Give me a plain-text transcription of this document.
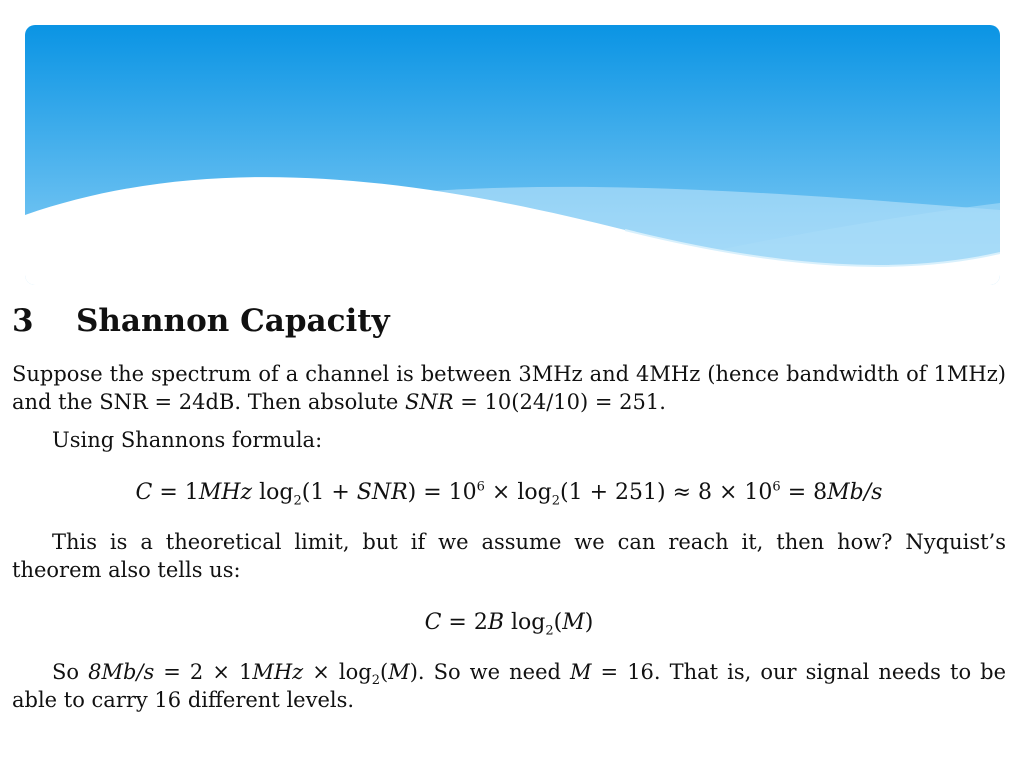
3	Shannon Capacity

Suppose the spectrum of a channel is between 3MHz and 4MHz (hence bandwidth of 1MHz) and the SNR = 24dB. Then absolute SNR = 10(24/10) = 251.

Using Shannons formula:

C = 1MHz $\log_2(1 + SNR) = 10^6 \times \log_2(1 + 251) \approx 8 \times 10^6 = 8Mb/s$

This is a theoretical limit, but if we assume we can reach it, then how? Nyquist’s theorem also tells us:

C = 2B $\log_2(M)$

So $8Mb/s = 2 \times 1MHz \times \log_2(M)$. So we need M = 16. That is, our signal needs to be able to carry 16 different levels.
